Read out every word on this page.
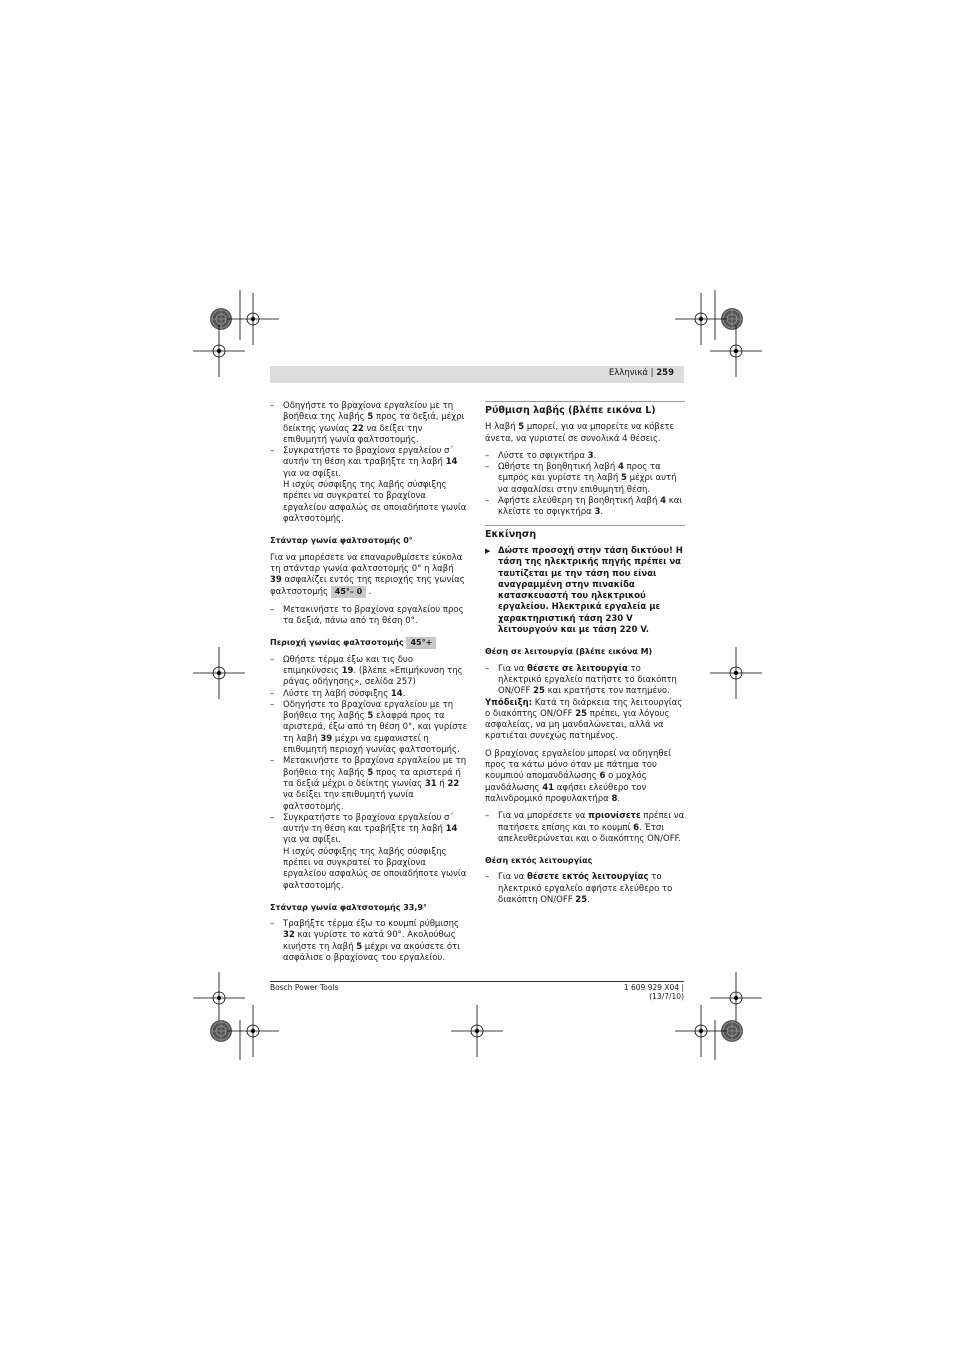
Ελληνικά | 259

– Οδηγήστε το βραχίονα εργαλείου με τη βοήθεια της λαβής 5 προς τα δεξιά, μέχρι δείκτης γωνίας 22 να δείξει την επιθυμητή γωνία φαλτσοτομής.

– Συγκρατήστε το βραχίονα εργαλείου σ΄ αυτήν τη θέση και τραβήξτε τη λαβή 14 για να σφίξει.

Η ισχύς σύσφιξης της λαβής σύσφιξης πρέπει να συγκρατεί το βραχίονα εργαλείου ασφαλώς σε οποιαδήποτε γωνία φαλτσοτομής.

Στάνταρ γωνία φαλτσοτομής 0°

Για να μπορέσετε να επαναρυθμίσετε εύκολα τη στάνταρ γωνία φαλτσοτομής 0° η λαβή 39 ασφαλίζει εντός της περιοχής της γωνίας φαλτσοτομής 45°– 0 .

– Μετακινήστε το βραχίονα εργαλείου προς τα δεξιά, πάνω από τη θέση 0°.

Περιοχή γωνίας φαλτσοτομής 45°+

– Ωθήστε τέρμα έξω και τις δυο επιμηκύνσεις 19. (βλέπε «Επιμήκυνση της ράγας οδήγησης», σελίδα 257)

– Λύστε τη λαβή σύσφιξης 14.

– Οδηγήστε το βραχίονα εργαλείου με τη βοήθεια της λαβής 5 ελαφρά προς τα αριστερά, έξω από τη θέση 0°, και γυρίστε τη λαβή 39 μέχρι να εμφανιστεί η επιθυμητή περιοχή γωνίας φαλτσοτομής.

– Μετακινήστε το βραχίονα εργαλείου με τη βοήθεια της λαβής 5 προς τα αριστερά ή τα δεξιά μέχρι ο δείκτης γωνίας 31 ή 22 να δείξει την επιθυμητή γωνία φαλτσοτομής.

– Συγκρατήστε το βραχίονα εργαλείου σ΄ αυτήν τη θέση και τραβήξτε τη λαβή 14 για να σφίξει.

Η ισχύς σύσφιξης της λαβής σύσφιξης πρέπει να συγκρατεί το βραχίονα εργαλείου ασφαλώς σε οποιαδήποτε γωνία φαλτσοτομής.

Στάνταρ γωνία φαλτσοτομής 33,9°

– Τραβήξτε τέρμα έξω το κουμπί ρύθμισης 32 και γυρίστε το κατά 90°. Ακολούθως κινήστε τη λαβή 5 μέχρι να ακούσετε ότι ασφάλισε ο βραχίονας του εργαλείου.

Ρύθμιση λαβής (βλέπε εικόνα L)

Η λαβή 5 μπορεί, για να μπορείτε να κόβετε άνετα, να γυριστεί σε συνολικά 4 θέσεις.

– Λύστε το σφιγκτήρα 3.

– Ωθήστε τη βοηθητική λαβή 4 προς τα εμπρός και γυρίστε τη λαβή 5 μέχρι αυτή να ασφαλίσει στην επιθυμητή θέση.

– Αφήστε ελεύθερη τη βοηθητική λαβή 4 και κλείστε το σφιγκτήρα 3.

Εκκίνηση

▶ Δώστε προσοχή στην τάση δικτύου! Η τάση της ηλεκτρικής πηγής πρέπει να ταυτίζεται με την τάση που είναι αναγραμμένη στην πινακίδα κατασκευαστή του ηλεκτρικού εργαλείου. Ηλεκτρικά εργαλεία με χαρακτηριστική τάση 230 V λειτουργούν και με τάση 220 V.

Θέση σε λειτουργία (βλέπε εικόνα M)

– Για να θέσετε σε λειτουργία το ηλεκτρικό εργαλείο πατήστε το διακόπτη ON/OFF 25 και κρατήστε τον πατημένο.

Υπόδειξη: Κατά τη διάρκεια της λειτουργίας ο διακόπτης ON/OFF 25 πρέπει, για λόγους ασφαλείας, να μη μανδαλώνεται, αλλά να κρατιέται συνεχώς πατημένος.

Ο βραχίονας εργαλείου μπορεί να οδηγηθεί προς τα κάτω μόνο όταν με πάτημα του κουμπιού απομανδάλωσης 6 ο μοχλός μανδάλωσης 41 αφήσει ελεύθερο τον παλινδρομικό προφυλακτήρα 8.

– Για να μπορέσετε να πριονίσετε πρέπει να πατήσετε επίσης και το κουμπί 6. Έτσι απελευθερώνεται και ο διακόπτης ON/OFF.

Θέση εκτός λειτουργίας

– Για να θέσετε εκτός λειτουργίας το ηλεκτρικό εργαλείο αφήστε ελεύθερο το διακόπτη ON/OFF 25.

Bosch Power Tools	1 609 929 X04 | (13/7/10)
